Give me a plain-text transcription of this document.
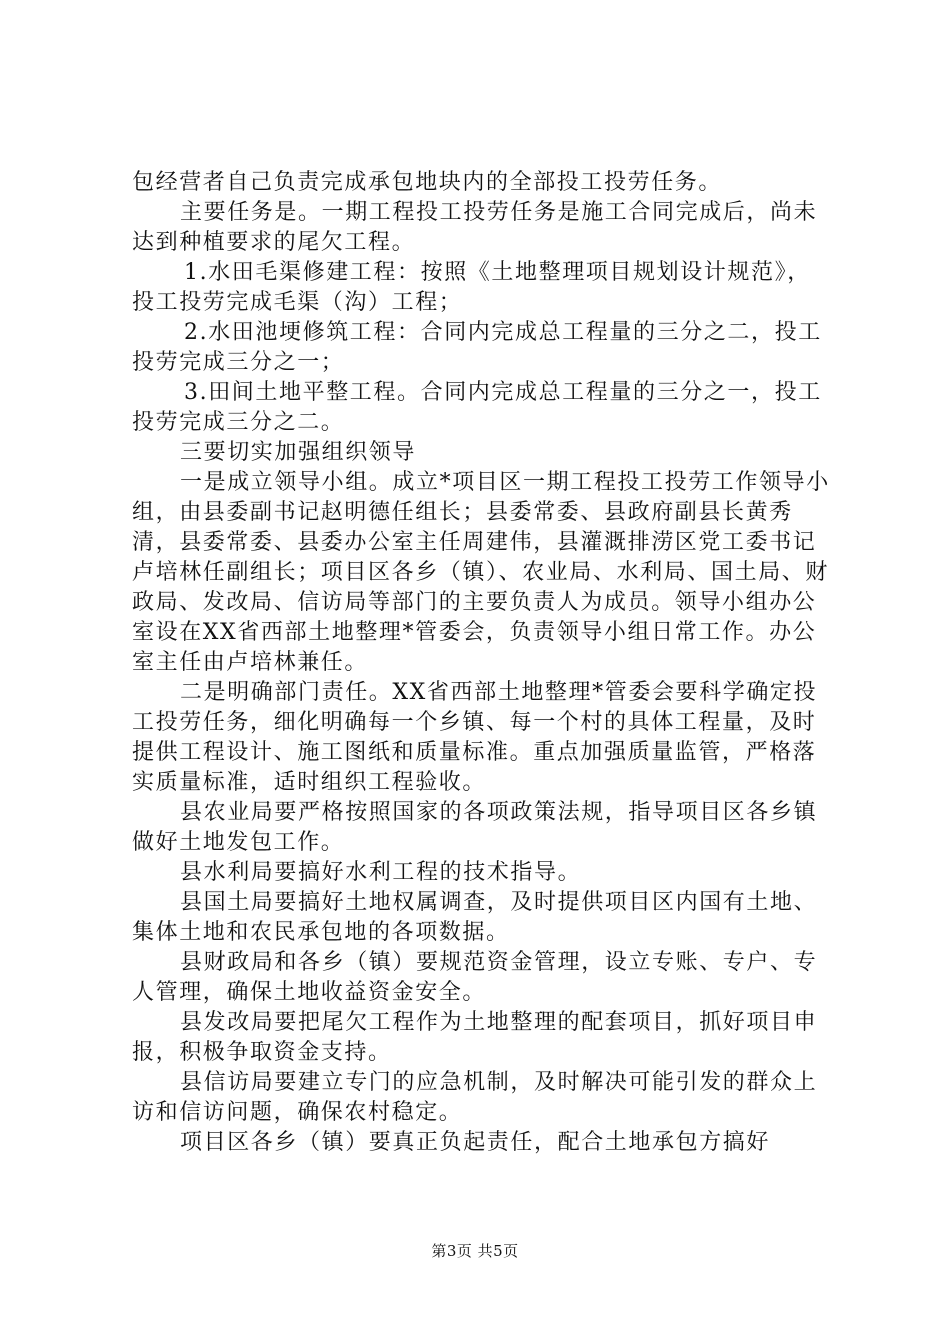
包经营者自己负责完成承包地块内的全部投工投劳任务。

主要任务是。一期工程投工投劳任务是施工合同完成后，尚未达到种植要求的尾欠工程。

1.水田毛渠修建工程：按照《土地整理项目规划设计规范》，投工投劳完成毛渠（沟）工程；

2.水田池埂修筑工程：合同内完成总工程量的三分之二，投工投劳完成三分之一；

3.田间土地平整工程。合同内完成总工程量的三分之一，投工投劳完成三分之二。

三要切实加强组织领导

一是成立领导小组。成立*项目区一期工程投工投劳工作领导小组，由县委副书记赵明德任组长；县委常委、县政府副县长黄秀清，县委常委、县委办公室主任周建伟，县灌溉排涝区党工委书记卢培林任副组长；项目区各乡（镇）、农业局、水利局、国土局、财政局、发改局、信访局等部门的主要负责人为成员。领导小组办公室设在XX省西部土地整理*管委会，负责领导小组日常工作。办公室主任由卢培林兼任。

二是明确部门责任。XX省西部土地整理*管委会要科学确定投工投劳任务，细化明确每一个乡镇、每一个村的具体工程量，及时提供工程设计、施工图纸和质量标准。重点加强质量监管，严格落实质量标准，适时组织工程验收。

县农业局要严格按照国家的各项政策法规，指导项目区各乡镇做好土地发包工作。

县水利局要搞好水利工程的技术指导。

县国土局要搞好土地权属调查，及时提供项目区内国有土地、集体土地和农民承包地的各项数据。

县财政局和各乡（镇）要规范资金管理，设立专账、专户、专人管理，确保土地收益资金安全。

县发改局要把尾欠工程作为土地整理的配套项目，抓好项目申报，积极争取资金支持。

县信访局要建立专门的应急机制，及时解决可能引发的群众上访和信访问题，确保农村稳定。

项目区各乡（镇）要真正负起责任，配合土地承包方搞好

第3页 共5页
